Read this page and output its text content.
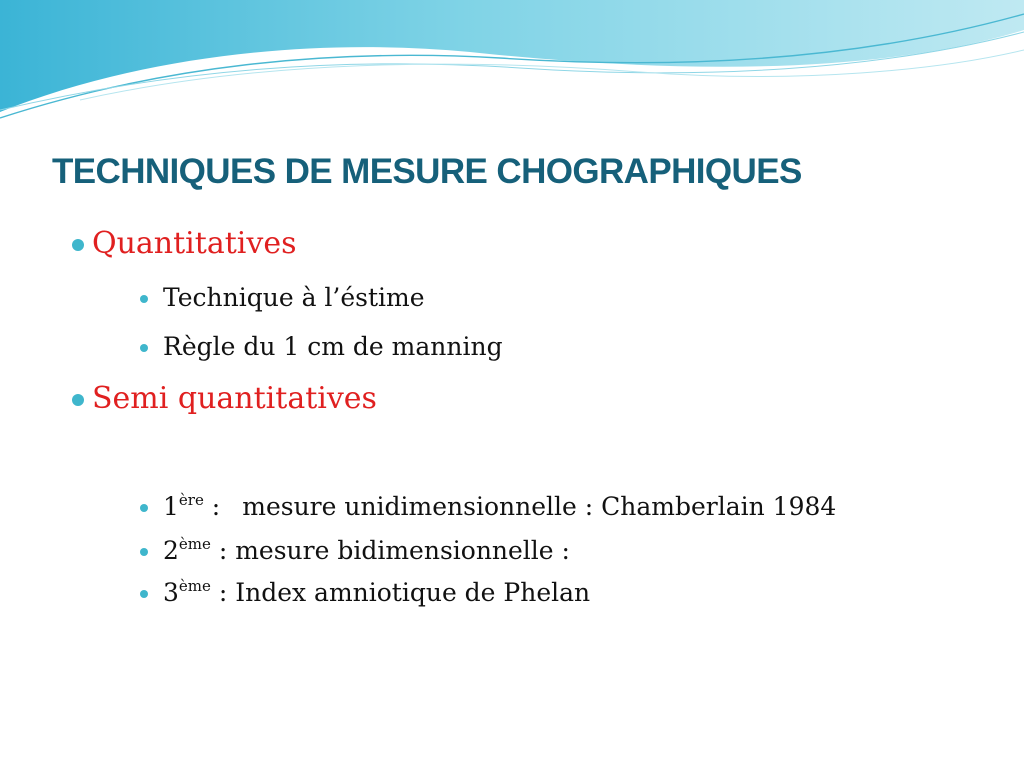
TECHNIQUES DE MESURE CHOGRAPHIQUES
Quantitatives
Technique à l’éstime
Règle du 1 cm de manning
Semi quantitatives
1ère : mesure unidimensionnelle : Chamberlain 1984
2ème : mesure bidimensionnelle :
3ème : Index amniotique de Phelan
